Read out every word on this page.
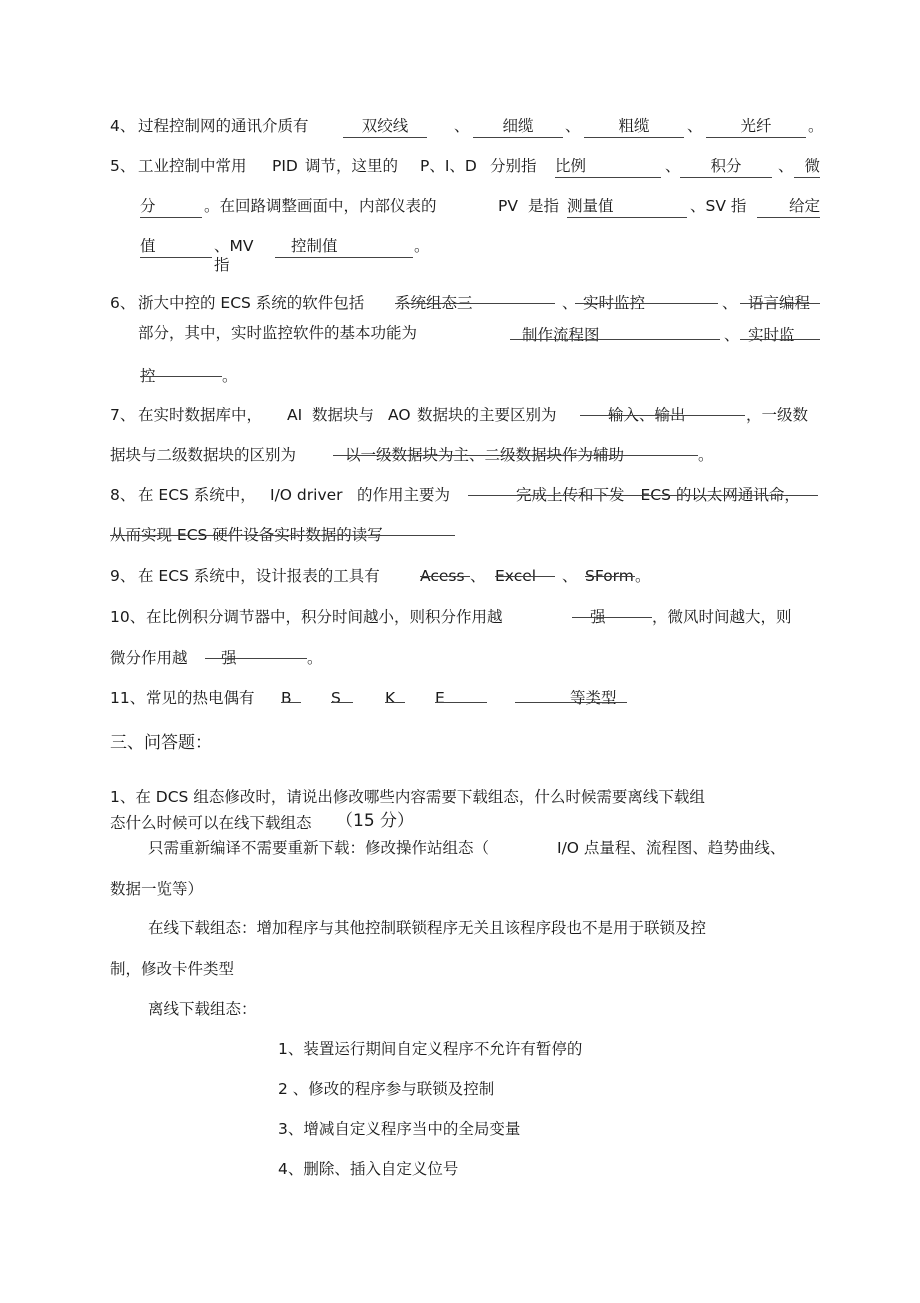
4、 过程控制网的通讯介质有	双绞线	、	细缆	、	粗缆	、	光纤	。
5、 工业控制中常用 PID 调节，这里的 P、I、D 分别指 比例	、	积分	、 微
分	。在回路调整画面中，内部仪表的	PV 是指 测量值	、SV 指	给定
值	、MV
指
控制值	。
6、 浙大中控的 ECS 系统的软件包括 系统组态三	、 实时监控	、 语言编程
部分，其中，实时监控软件的基本功能为	制作流程图	、 实时监
控	。
7、 在实时数据库中， AI 数据块与 AO 数据块的主要区别为	输入、输出	，一级数
据块与二级数据块的区别为	以一级数据块为主、二级数据块作为辅助	。
8、 在 ECS 系统中， I/O driver 的作用主要为	完成上传和下发 ECS 的以太网通讯命，
从而实现 ECS 硬件设备实时数据的读写
9、 在 ECS 系统中，设计报表的工具有	Acess 、 Excel	、 SForm 。
10、 在比例积分调节器中，积分时间越小，则积分作用越	强	，微风时间越大，则
微分作用越	强	。
11、 常见的热电偶有 B	S	K	E	等类型
三、问答题：
1、在 DCS 组态修改时，请说出修改哪些内容需要下载组态，什么时候需要离线下载组
态什么时候可以在线下载组态 （15 分）
只需重新编译不需要重新下载：修改操作站组态（	I/O 点量程、流程图、趋势曲线、
数据一览等）
在线下载组态：增加程序与其他控制联锁程序无关且该程序段也不是用于联锁及控
制，修改卡件类型
离线下载组态：
1、装置运行期间自定义程序不允许有暂停的
2 、修改的程序参与联锁及控制
3、增减自定义程序当中的全局变量
4、删除、插入自定义位号
